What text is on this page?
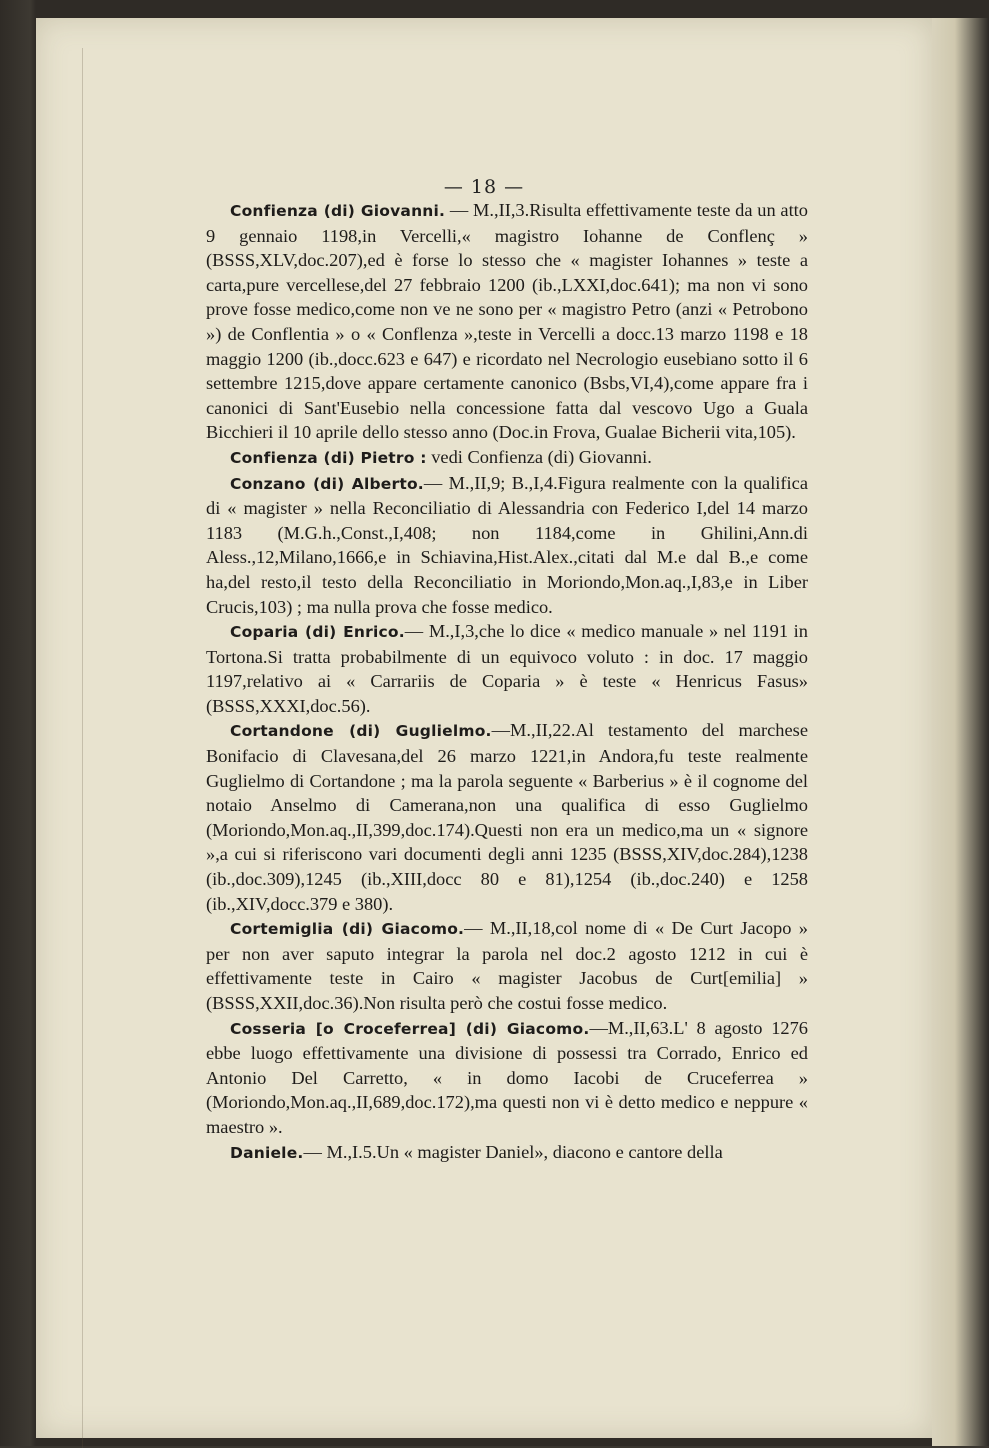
— 18 —

Confienza (di) Giovanni. — M.,II,3.Risulta effettivamente teste da un atto 9 gennaio 1198,in Vercelli,« magistro Iohanne de Conflenç » (BSSS,XLV,doc.207),ed è forse lo stesso che « magister Iohannes » teste a carta,pure vercellese,del 27 febbraio 1200 (ib.,LXXI,doc.641); ma non vi sono prove fosse medico,come non ve ne sono per « magistro Petro (anzi « Petrobono ») de Conflentia » o « Conflenza »,teste in Vercelli a docc.13 marzo 1198 e 18 maggio 1200 (ib.,docc.623 e 647) e ricordato nel Necrologio eusebiano sotto il 6 settembre 1215,dove appare certamente canonico (Bsbs,VI,4),come appare fra i canonici di Sant'Eusebio nella concessione fatta dal vescovo Ugo a Guala Bicchieri il 10 aprile dello stesso anno (Doc.in Frova, Gualae Bicherii vita,105).

Confienza (di) Pietro : vedi Confienza (di) Giovanni.

Conzano (di) Alberto.— M.,II,9; B.,I,4.Figura realmente con la qualifica di « magister » nella Reconciliatio di Alessandria con Federico I,del 14 marzo 1183 (M.G.h.,Const.,I,408; non 1184,come in Ghilini,Ann.di Aless.,12,Milano,1666,e in Schiavina,Hist.Alex.,citati dal M.e dal B.,e come ha,del resto,il testo della Reconciliatio in Moriondo,Mon.aq.,I,83,e in Liber Crucis,103) ; ma nulla prova che fosse medico.

Coparia (di) Enrico.— M.,I,3,che lo dice « medico manuale » nel 1191 in Tortona.Si tratta probabilmente di un equivoco voluto : in doc. 17 maggio 1197,relativo ai « Carrariis de Coparia » è teste « Henricus Fasus» (BSSS,XXXI,doc.56).

Cortandone (di) Guglielmo.—M.,II,22.Al testamento del marchese Bonifacio di Clavesana,del 26 marzo 1221,in Andora,fu teste realmente Guglielmo di Cortandone ; ma la parola seguente « Barberius » è il cognome del notaio Anselmo di Camerana,non una qualifica di esso Guglielmo (Moriondo,Mon.aq.,II,399,doc.174).Questi non era un medico,ma un « signore »,a cui si riferiscono vari documenti degli anni 1235 (BSSS,XIV,doc.284),1238 (ib.,doc.309),1245 (ib.,XIII,docc 80 e 81),1254 (ib.,doc.240) e 1258 (ib.,XIV,docc.379 e 380).

Cortemiglia (di) Giacomo.— M.,II,18,col nome di « De Curt Jacopo » per non aver saputo integrar la parola nel doc.2 agosto 1212 in cui è effettivamente teste in Cairo « magister Jacobus de Curt[emilia] » (BSSS,XXII,doc.36).Non risulta però che costui fosse medico.

Cosseria [o Croceferrea] (di) Giacomo.—M.,II,63.L' 8 agosto 1276 ebbe luogo effettivamente una divisione di possessi tra Corrado, Enrico ed Antonio Del Carretto, « in domo Iacobi de Cruceferrea » (Moriondo,Mon.aq.,II,689,doc.172),ma questi non vi è detto medico e neppure « maestro ».

Daniele.— M.,I.5.Un « magister Daniel», diacono e cantore della
